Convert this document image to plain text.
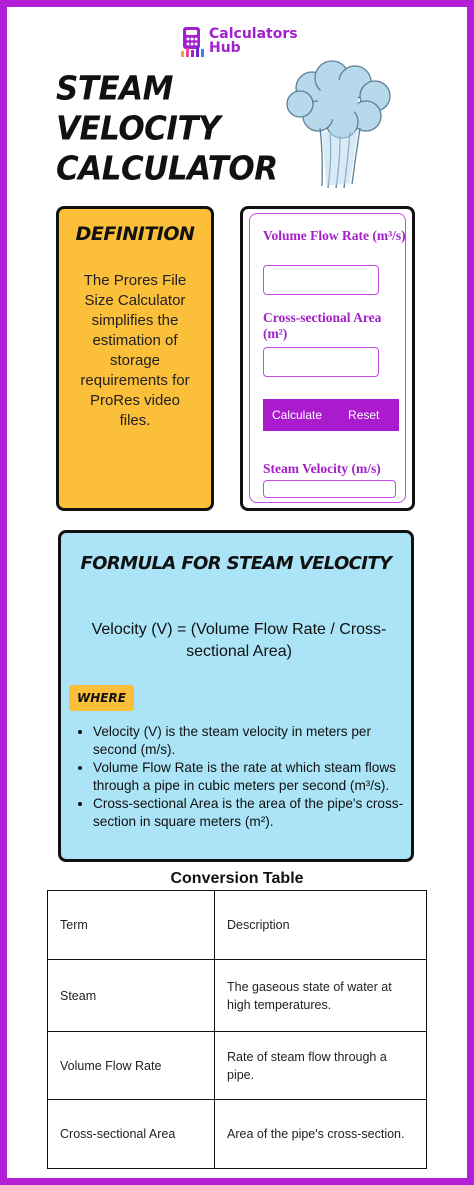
Calculators
Hub
STEAM
VELOCITY
CALCULATOR
DEFINITION

The Prores File Size Calculator simplifies the estimation of storage requirements for ProRes video files.

Volume Flow Rate (m³/s)
Cross-sectional Area (m²)
Calculate Reset
Steam Velocity (m/s)
FORMULA FOR STEAM VELOCITY
Velocity (V) = (Volume Flow Rate / Cross-sectional Area)
WHERE
• Velocity (V) is the steam velocity in meters per second (m/s).
• Volume Flow Rate is the rate at which steam flows through a pipe in cubic meters per second (m³/s).
• Cross-sectional Area is the area of the pipe's cross-section in square meters (m²).
Conversion Table
Term	Description
Steam	The gaseous state of water at high temperatures.
Volume Flow Rate	Rate of steam flow through a pipe.
Cross-sectional Area	Area of the pipe's cross-section.
